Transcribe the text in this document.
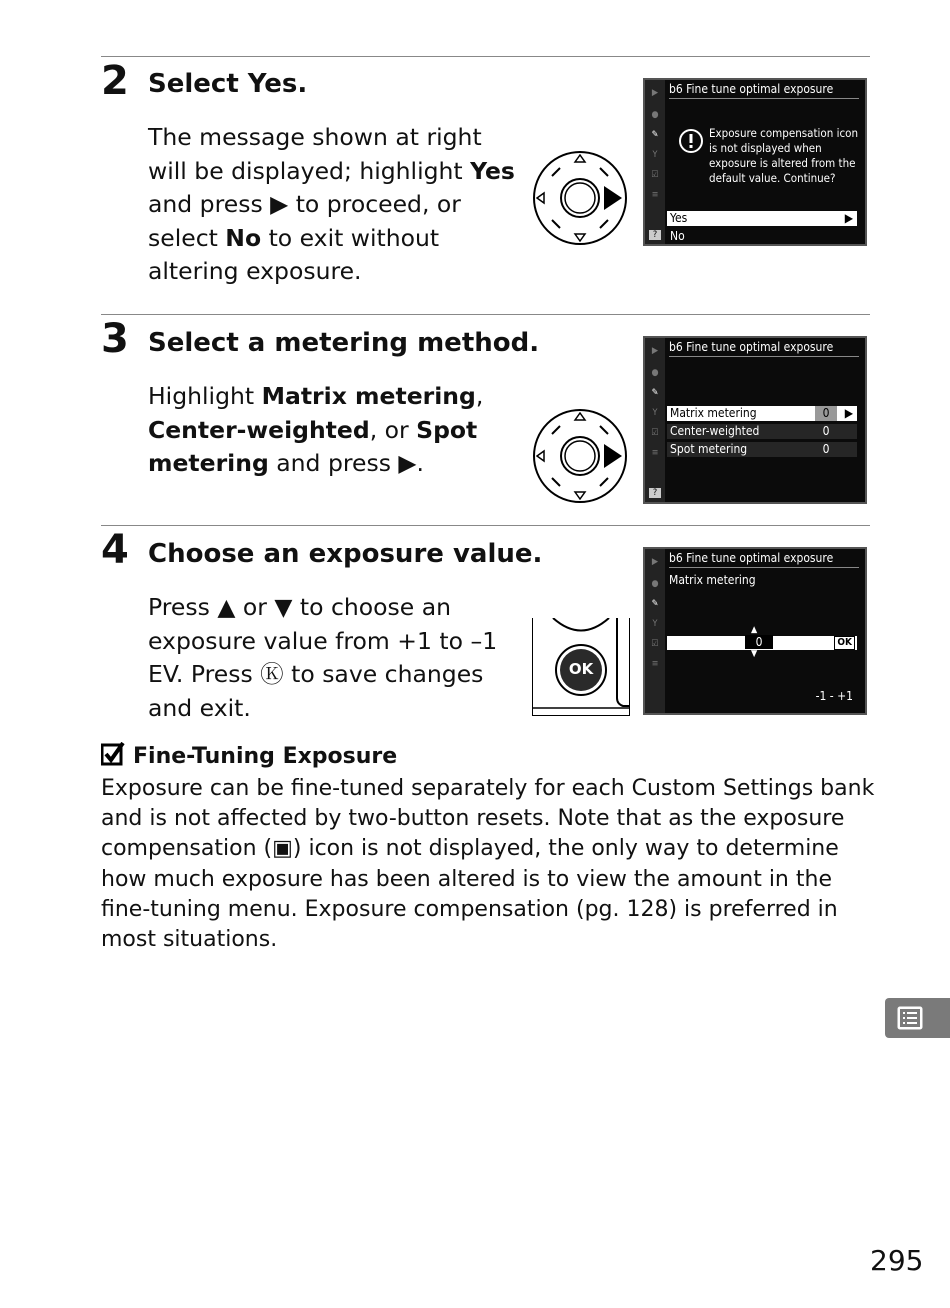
2 Select Yes.
The message shown at right
will be displayed; highlight Yes
and press ▶ to proceed, or
select No to exit without
altering exposure.
▶
●
✎
Y
☑
≡
?
b6 Fine tune optimal exposure
Exposure compensation icon
is not displayed when
exposure is altered from the
default value. Continue?
Yes	▶
No
3 Select a metering method.
Highlight Matrix metering,
Center-weighted, or Spot
metering and press ▶.
▶
●
✎
Y
☑
≡
?
b6 Fine tune optimal exposure
Matrix metering	0	▶
Center-weighted	0
Spot metering	0
4 Choose an exposure value.
Press ▲ or ▼ to choose an
exposure value from +1 to –1
EV. Press Ⓚ to save changes
and exit.
OK
▶
●
✎
Y
☑
≡
b6 Fine tune optimal exposure
Matrix metering
▲
0
▼
OK
-1 - +1
Fine-Tuning Exposure
Exposure can be fine-tuned separately for each Custom Settings bank and is not affected by two-button resets. Note that as the exposure compensation (▣) icon is not displayed, the only way to determine how much exposure has been altered is to view the amount in the fine-tuning menu. Exposure compensation (pg. 128) is preferred in most situations.
295
